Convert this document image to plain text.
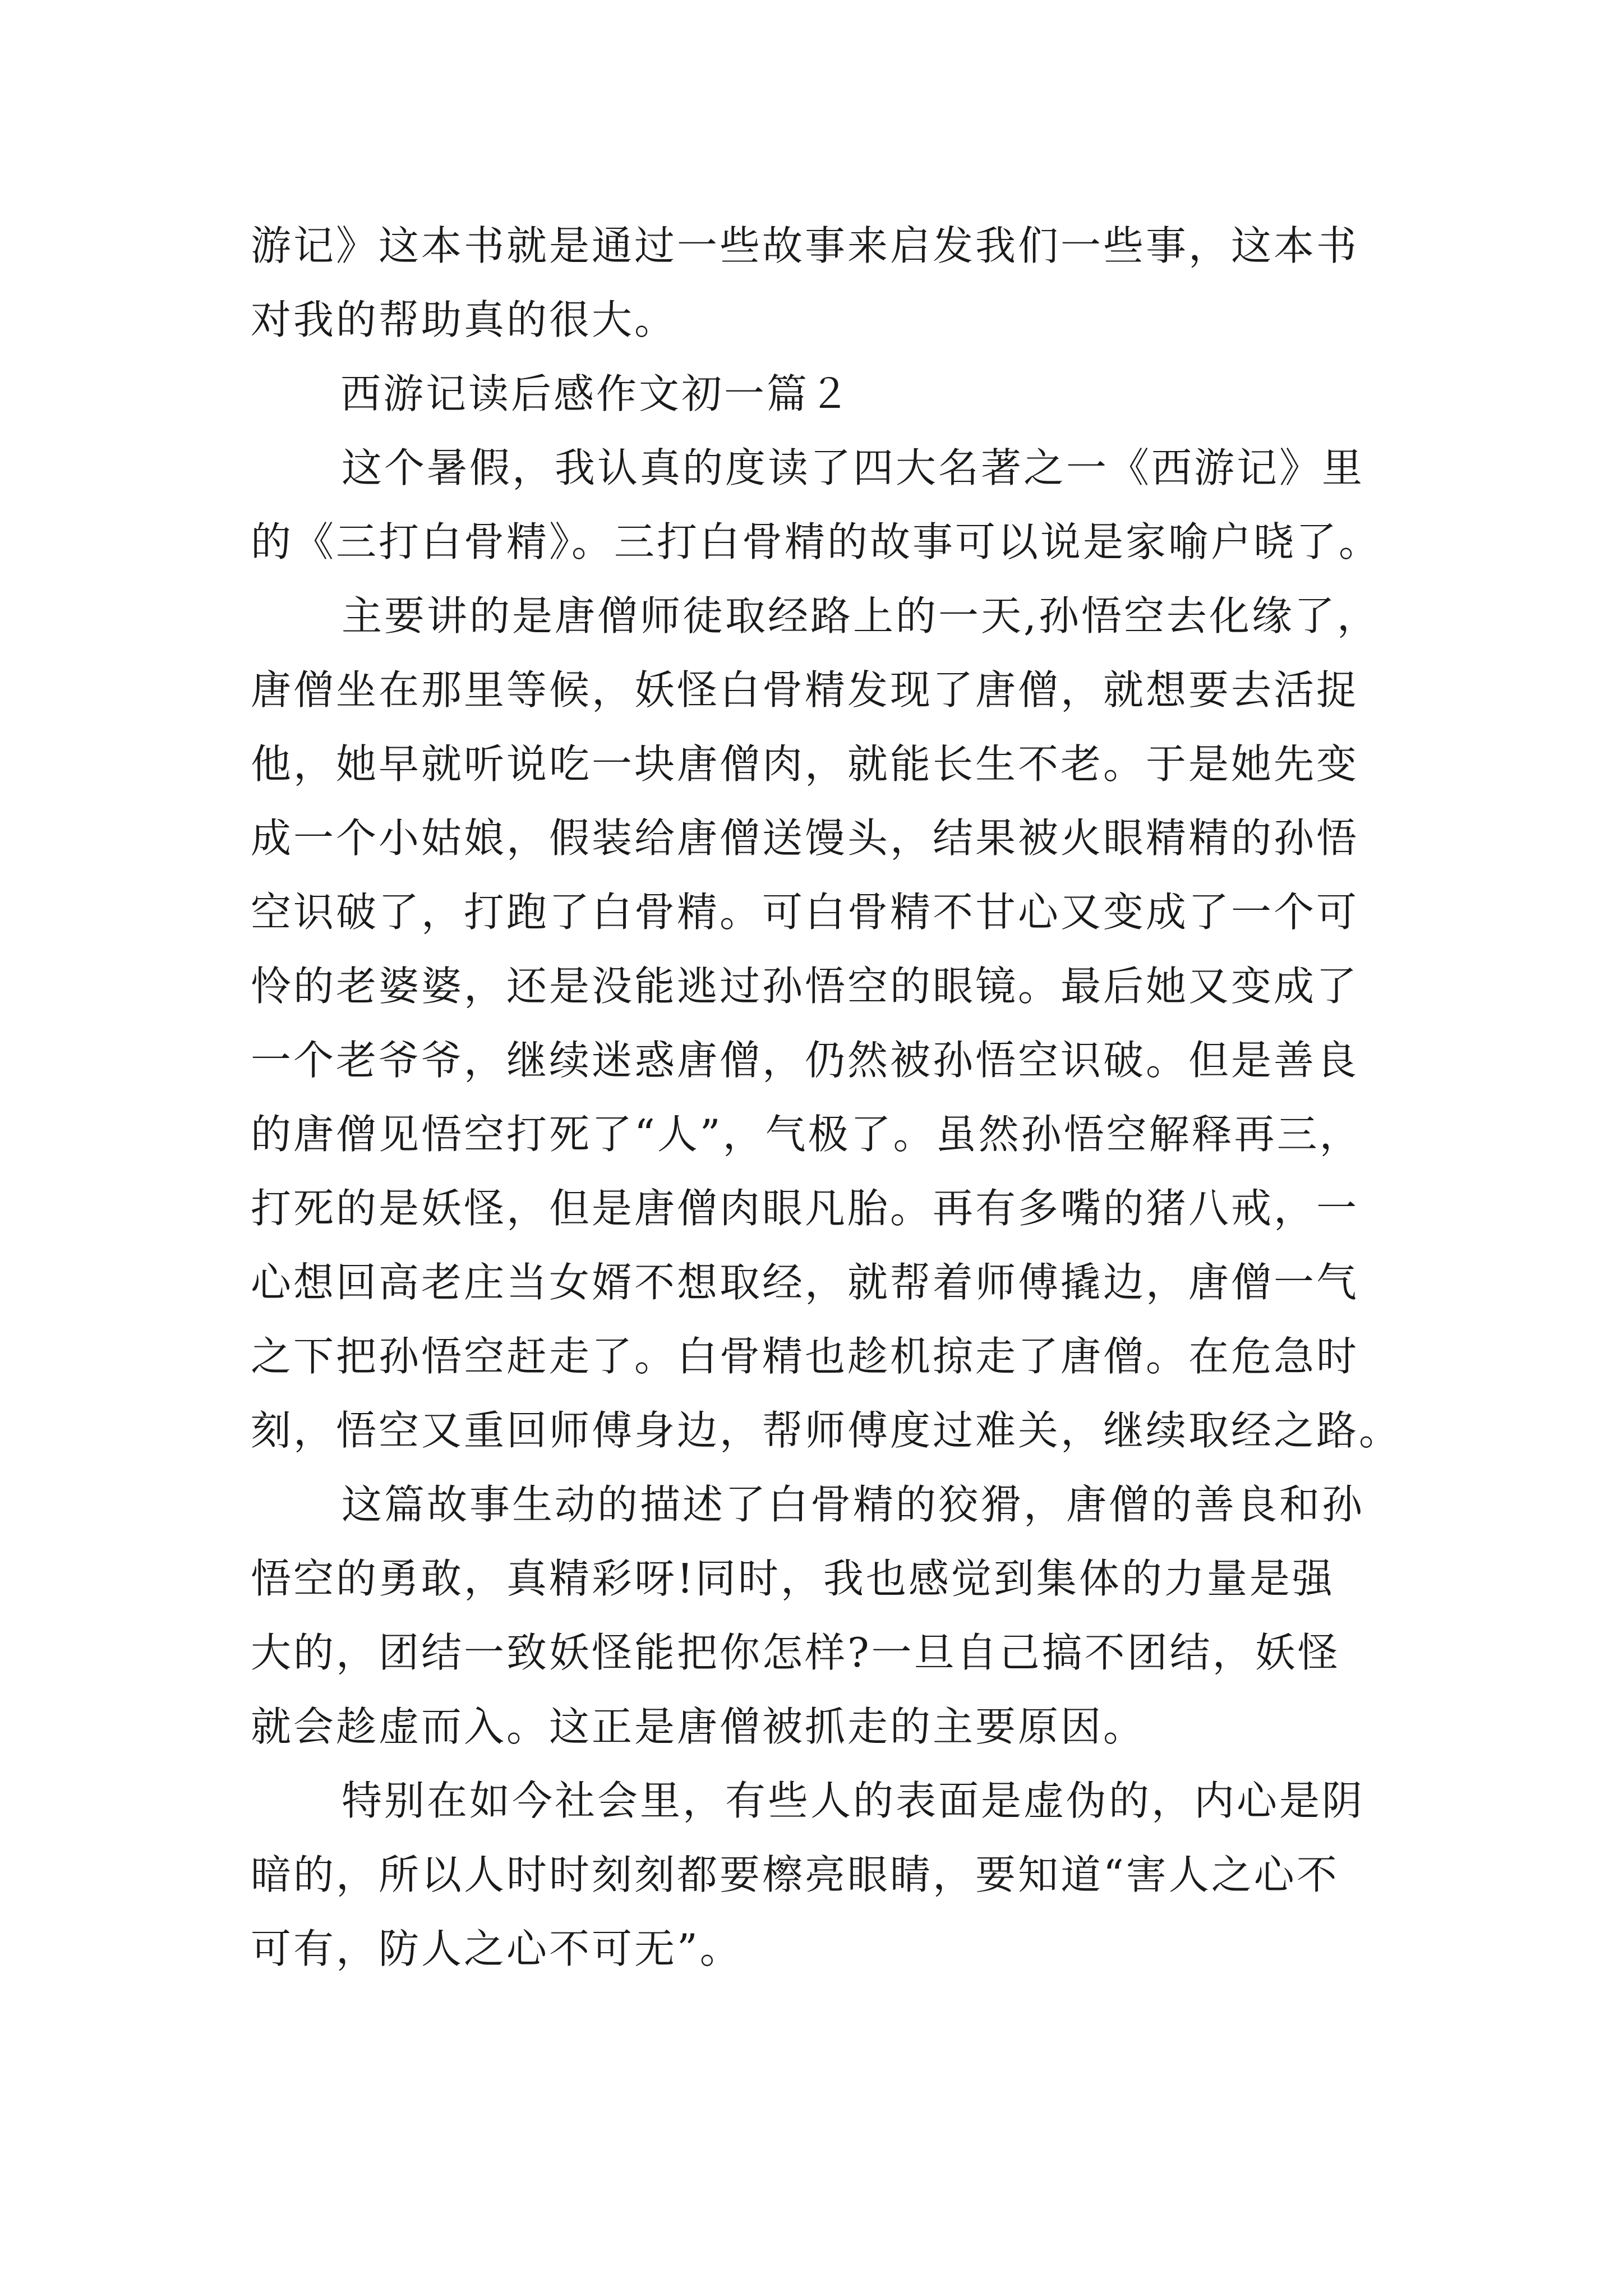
游记》这本书就是通过一些故事来启发我们一些事，这本书
对我的帮助真的很大。
西游记读后感作文初一篇２
这个暑假，我认真的度读了四大名著之一《西游记》里
的《三打白骨精》。三打白骨精的故事可以说是家喻户晓了。
主要讲的是唐僧师徒取经路上的一天,孙悟空去化缘了，
唐僧坐在那里等候，妖怪白骨精发现了唐僧，就想要去活捉
他，她早就听说吃一块唐僧肉，就能长生不老。于是她先变
成一个小姑娘，假装给唐僧送馒头，结果被火眼精精的孙悟
空识破了，打跑了白骨精。可白骨精不甘心又变成了一个可
怜的老婆婆，还是没能逃过孙悟空的眼镜。最后她又变成了
一个老爷爷，继续迷惑唐僧，仍然被孙悟空识破。但是善良
的唐僧见悟空打死了“人”，气极了。虽然孙悟空解释再三，
打死的是妖怪，但是唐僧肉眼凡胎。再有多嘴的猪八戒，一
心想回高老庄当女婿不想取经，就帮着师傅撬边，唐僧一气
之下把孙悟空赶走了。白骨精也趁机掠走了唐僧。在危急时
刻，悟空又重回师傅身边，帮师傅度过难关，继续取经之路。
这篇故事生动的描述了白骨精的狡猾，唐僧的善良和孙
悟空的勇敢，真精彩呀!同时，我也感觉到集体的力量是强
大的，团结一致妖怪能把你怎样?一旦自己搞不团结，妖怪
就会趁虚而入。这正是唐僧被抓走的主要原因。
特别在如今社会里，有些人的表面是虚伪的，内心是阴
暗的，所以人时时刻刻都要檫亮眼睛，要知道“害人之心不
可有，防人之心不可无”。
